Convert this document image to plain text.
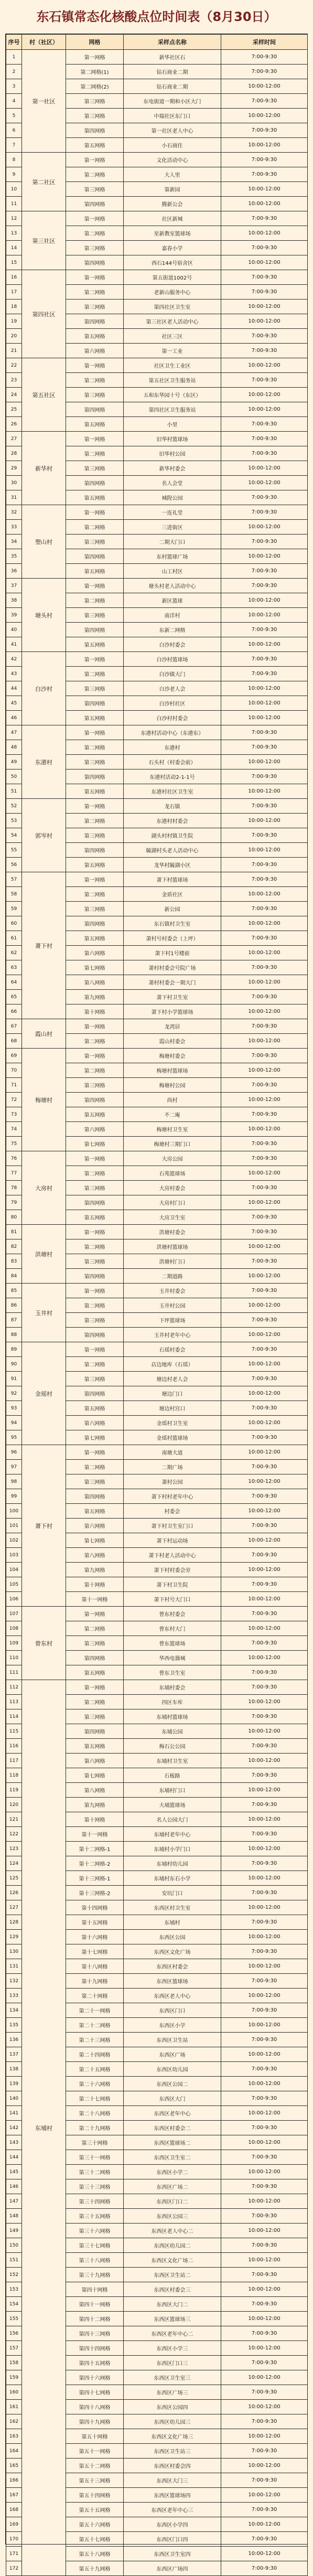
东石镇常态化核酸点位时间表（8月30日）
序号	村（社区）	网格	采样点名称	采样时间
1	第一社区	第一网格	新华社区石	7:00-9:30
2		第二网格(1)	钻石商业二期	7:00-9:30
3		第二网格(2)	钻石商业二期	10:00-12:00
4		第三网格	东电街道一期和小区大门	7:00-9:30
5		第三网格	中瑞社区东门口	10:00-12:00
6		第四网格	第一社区老人中心	7:00-9:30
7		第五网格	小石商住	10:00-12:00
8	第二社区	第一网格	文化活动中心	7:00-9:30
9		第二网格	大人里	7:00-9:30
10		第三网格	第新园	10:00-12:00
11		第四网格	腾新公会	10:00-12:00
12	第三社区	第一网格	社区新城	7:00-9:30
13		第二网格	星新教室篮球场	10:00-12:00
14		第三网格	嘉春小学	7:00-9:30
15		第四网格	西石144号宿舍区	10:00-12:00
16	第四社区	第一网格	第五街道1002号	7:00-9:30
17		第二网格	老新山服务中心	7:00-9:30
18		第三网格	第四社区卫生室	10:00-12:00
19		第四网格	第三社区老人活动中心	10:00-12:00
20		第五网格	社区三区	7:00-9:30
21		第六网格	第一工业	7:00-9:30
22	第五社区	第一网格	社区卫生工业区	10:00-12:00
23		第二网格	第五社区卫生服务站	7:00-9:30
24		第三网格	五和东华园十号（东区）	10:00-12:00
25		第四网格	第四社区卫生服务站	10:00-12:00
26		第五网格	小里	7:00-9:30
27	新华村	第一网格	旧华村篮球场	7:00-9:30
28		第二网格	旧华村公园	7:00-9:30
29		第三网格	新华村委会	10:00-12:00
30		第四网格	名人会堂	10:00-12:00
31		第五网格	城隍公园	7:00-9:30
32	塑山村	第一网格	一连礼堂	7:00-9:30
33		第二网格	三进街区	10:00-12:00
34		第三网格	二期大门口	7:00-9:30
35		第四网格	东村篮球广场	10:00-12:00
36		第五网格	山工村区	7:00-9:30
37	塘头村	第一网格	塘头村老人活动中心	7:00-9:30
38		第二网格	新区篮球	10:00-12:00
39		第三网格	南洋村	10:00-12:00
40		第四网格	东新二网格	7:00-9:30
41		第五网格	白沙村委会	10:00-12:00
42	白沙村	第一网格	白沙村篮球场	7:00-9:30
43		第二网格	白沙镇大门	7:00-9:30
44		第三网格	白沙老人会	10:00-12:00
45		第四网格	白沙村社区	10:00-12:00
46		第五网格	白沙村村委会	10:00-12:00
47	东港村	第一网格	东港村活动中心（东港东）	7:00-9:30
48		第二网格	东港村	7:00-9:30
49		第三网格	石头村（村委会前）	10:00-12:00
50		第四网格	东港村活动2-1-1号	7:00-9:30
51		第五网格	东港村社区卫生室	10:00-12:00
52	郭岑村	第一网格	龙石镇	7:00-9:30
53		第二网格	东港村村委会	10:00-12:00
54		第三网格	湖头村村镇卫生院	7:00-9:30
55		第四网格	毓湖村头老人活动中心	10:00-12:00
56		第五网格	龙华村毓湖小区	7:00-9:30
57	萧下村	第一网格	萧下村篮球场	7:00-9:30
58		第二网格	金盾社区	10:00-12:00
59		第三网格	新公园	7:00-9:30
60		第四网格	东石镇村卫生室	10:00-12:00
61		第五网格	萧村号村委会（上坪）	7:00-9:30
62		第六网格	萧下村1号楼前	10:00-12:00
63		第七网格	萧村村委会号院广场	7:00-9:30
64		第八网格	萧村村委会一期大门	10:00-12:00
65		第九网格	萧下村卫生室	7:00-9:30
66		第十网格	萧下村小学篮球场	10:00-12:00
67	霞山村	第一网格	龙湾居	7:00-9:30
68		第二网格	霞山村委会	10:00-12:00
69	梅塘村	第一网格	梅塘村委会	7:00-9:30
70		第二网格	梅塘村篮球场	10:00-12:00
71		第三网格	梅塘村公园	7:00-9:30
72		第四网格	尚村	10:00-12:00
73		第五网格	不二庵	7:00-9:30
74		第六网格	梅塘村卫生室	10:00-12:00
75		第七网格	梅塘村三期门口	7:00-9:30
76	大房村	第一网格	大房公园	7:00-9:30
77		第二网格	石苑篮球场	10:00-12:00
78		第三网格	大房村委会	7:00-9:30
79		第四网格	大房村门口	10:00-12:00
80		第五网格	大房卫生室	7:00-9:30
81	洪塘村	第一网格	洪塘村委会	7:00-9:30
82		第二网格	洪塘村篮球场	10:00-12:00
83		第三网格	洪塘村门口	7:00-9:30
84		第四网格	二期道路	10:00-12:00
85	玉井村	第一网格	玉井村委会	7:00-9:30
86		第二网格	玉井村公园	10:00-12:00
87		第三网格	下坪篮球场	7:00-9:30
88		第四网格	玉井村老年中心	10:00-12:00
89	金瑶村	第一网格	石瑶村委会	7:00-9:30
90		第二网格	店边地库（石瑶）	10:00-12:00
91		第三网格	塘边村老人会	7:00-9:30
92		第四网格	塘边门口	10:00-12:00
93		第五网格	塘边村宫口	7:00-9:30
94		第六网格	金瑶村卫生室	10:00-12:00
95		第七网格	金瑶村篮球场	7:00-9:30
96	萧下村	第一网格	南塘大道	10:00-12:00
97		第二网格	二期广场	7:00-9:30
98		第三网格	萧村公园	10:00-12:00
99		第四网格	萧下村村老年中心	7:00-9:30
100		第五网格	村委会	10:00-12:00
101		第六网格	萧下村卫生室门口	7:00-9:30
102		第七网格	萧下村运动场	10:00-12:00
103		第八网格	萧下村老人活动中心	7:00-9:30
104		第九网格	萧下村村委会旁	10:00-12:00
105		第十网格	萧下村卫生院	7:00-9:30
106		第十一网格	萧下村号大门口	10:00-12:00
107	曾东村	第一网格	曾东村委会	7:00-9:30
108		第二网格	曾东村大门	10:00-12:00
109		第三网格	曾东篮球场	7:00-9:30
110		第四网格	华西电器城	10:00-12:00
111		第五网格	曾东卫生室	7:00-9:30
112	东埔村	第一网格	东埔村委会	7:00-9:30
113		第二网格	四区车库	10:00-12:00
114		第三网格	东埔村篮球场	7:00-9:30
115		第四网格	东埔公园	10:00-12:00
116		第五网格	梅石公公园	7:00-9:30
117		第六网格	东埔村卫生室	10:00-12:00
118		第七网格	石板路	7:00-9:30
119		第八网格	东埔村门口	10:00-12:00
120		第九网格	大埔篮球场	7:00-9:30
121		第十网格	名人公园大门	10:00-12:00
122		第十一网格	东埔村老年中心	7:00-9:30
123		第十二网格-1	东埔村小学门口	10:00-12:00
124		第十二网格-2	东埔村幼儿园	7:00-9:30
125		第十三网格-1	东埔村东石小学	10:00-12:00
126		第十三网格-2	安坑门口	7:00-9:30
127		第十四网格	东西区村卫生室	10:00-12:00
128		第十五网格	东埔村	7:00-9:30
129		第十六网格	东西区公园	10:00-12:00
130		第十七网格	东西区文化广场	7:00-9:30
131		第十八网格	东西区村委会	10:00-12:00
132		第十九网格	东西区篮球场	7:00-9:30
133		第二十网格	东西区老人中心	10:00-12:00
134		第二十一网格	东西区门口	7:00-9:30
135		第二十二网格	东西区小学	10:00-12:00
136		第二十三网格	东西区卫生站	7:00-9:30
137		第二十四网格	东西区广场	10:00-12:00
138		第二十五网格	东西区幼儿园	7:00-9:30
139		第二十六网格	东西区公园二	10:00-12:00
140		第二十七网格	东西区大门	7:00-9:30
141		第二十八网格	东西区老年中心	10:00-12:00
142		第二十九网格	东西区村委会二	7:00-9:30
143		第三十网格	东西区篮球场二	10:00-12:00
144		第三十一网格	东西区卫生室二	7:00-9:30
145		第三十二网格	东西区小学二	10:00-12:00
146		第三十三网格	东西区广场二	7:00-9:30
147		第三十四网格	东西区门口二	10:00-12:00
148		第三十五网格	东西区公园三	7:00-9:30
149		第三十六网格	东西区老人中心二	10:00-12:00
150		第三十七网格	东西区幼儿园二	7:00-9:30
151		第三十八网格	东西区文化广场二	10:00-12:00
152		第三十九网格	东西区卫生站二	7:00-9:30
153		第四十网格	东西区村委会三	10:00-12:00
154		第四十一网格	东西区大门二	7:00-9:30
155		第四十二网格	东西区篮球场三	10:00-12:00
156		第四十三网格	东西区老年中心二	7:00-9:30
157		第四十四网格	东西区小学三	10:00-12:00
158		第四十五网格	东西区门口三	7:00-9:30
159		第四十六网格	东西区卫生室三	10:00-12:00
160		第四十七网格	东西区广场三	7:00-9:30
161		第四十八网格	东西区公园四	10:00-12:00
162		第四十九网格	东西区幼儿园三	7:00-9:30
163		第五十网格	东西区文化广场三	10:00-12:00
164		第五十一网格	东西区卫生站三	7:00-9:30
165		第五十二网格	东西区村委会四	10:00-12:00
166		第五十三网格	东西区大门三	7:00-9:30
167		第五十四网格	东西区篮球场四	10:00-12:00
168		第五十五网格	东西区老年中心三	7:00-9:30
169		第五十六网格	东西区小学四	10:00-12:00
170		第五十七网格	东西区门口四	7:00-9:30
171		第五十八网格	东西区卫生室四	10:00-12:00
172		第五十九网格	东西区广场四	7:00-9:30
